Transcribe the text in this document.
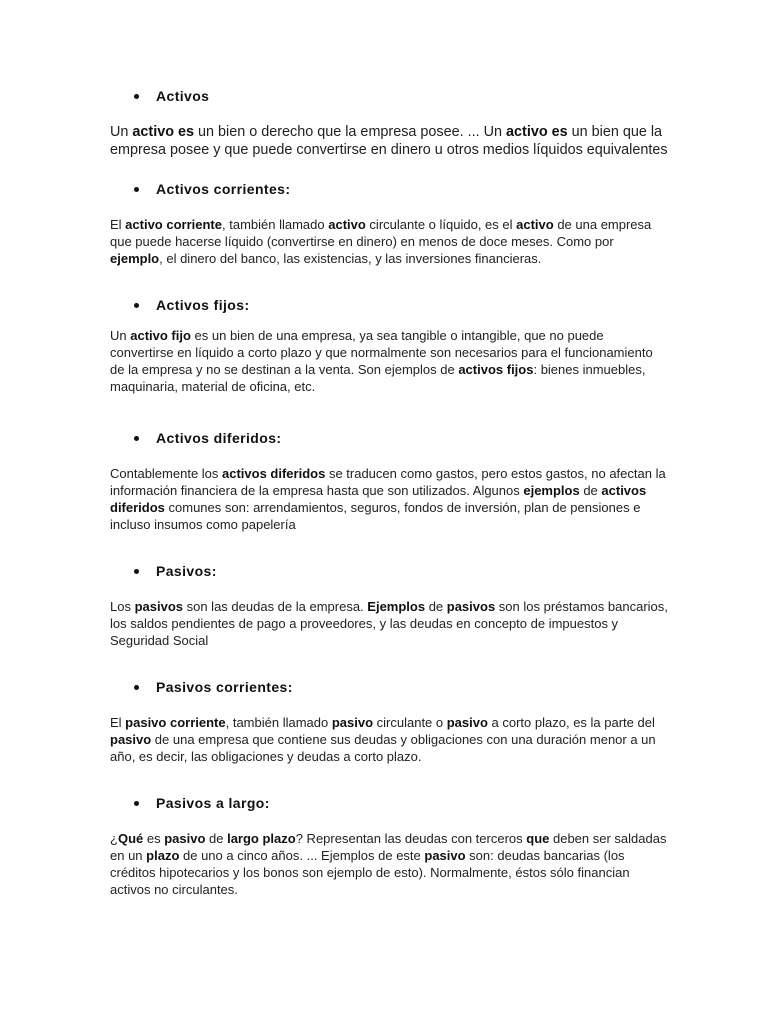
Activos

Un activo es un bien o derecho que la empresa posee. ... Un activo es un bien que la empresa posee y que puede convertirse en dinero u otros medios líquidos equivalentes

Activos corrientes:

El activo corriente, también llamado activo circulante o líquido, es el activo de una empresa que puede hacerse líquido (convertirse en dinero) en menos de doce meses. Como por ejemplo, el dinero del banco, las existencias, y las inversiones financieras.

Activos fijos:

Un activo fijo es un bien de una empresa, ya sea tangible o intangible, que no puede convertirse en líquido a corto plazo y que normalmente son necesarios para el funcionamiento de la empresa y no se destinan a la venta. Son ejemplos de activos fijos: bienes inmuebles, maquinaria, material de oficina, etc.

Activos diferidos:

Contablemente los activos diferidos se traducen como gastos, pero estos gastos, no afectan la información financiera de la empresa hasta que son utilizados. Algunos ejemplos de activos diferidos comunes son: arrendamientos, seguros, fondos de inversión, plan de pensiones e incluso insumos como papelería

Pasivos:

Los pasivos son las deudas de la empresa. Ejemplos de pasivos son los préstamos bancarios, los saldos pendientes de pago a proveedores, y las deudas en concepto de impuestos y Seguridad Social

Pasivos corrientes:

El pasivo corriente, también llamado pasivo circulante o pasivo a corto plazo, es la parte del pasivo de una empresa que contiene sus deudas y obligaciones con una duración menor a un año, es decir, las obligaciones y deudas a corto plazo.

Pasivos a largo:

¿Qué es pasivo de largo plazo? Representan las deudas con terceros que deben ser saldadas en un plazo de uno a cinco años. ... Ejemplos de este pasivo son: deudas bancarias (los créditos hipotecarios y los bonos son ejemplo de esto). Normalmente, éstos sólo financian activos no circulantes.
